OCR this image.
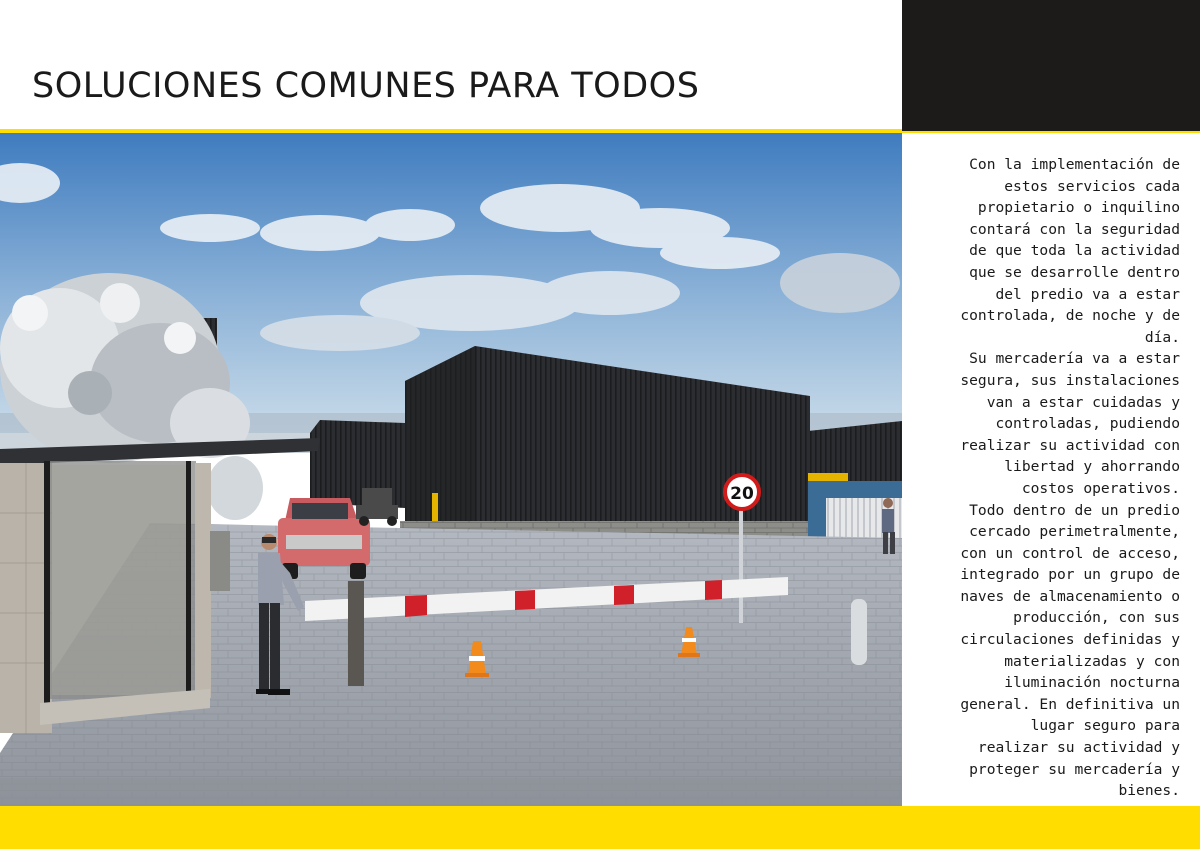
SOLUCIONES COMUNES PARA TODOS
20

Con la implementación de estos servicios cada propietario o inquilino contará con la seguridad de que toda la actividad que se desarrolle dentro del predio va a estar controlada, de noche y de día.

Su mercadería va a estar segura, sus instalaciones van a estar cuidadas y controladas, pudiendo realizar su actividad con libertad y ahorrando costos operativos.

Todo dentro de un predio cercado perimetralmente, con un control de acceso, integrado por un grupo de naves de almacenamiento o producción, con sus circulaciones definidas y materializadas y con iluminación nocturna general. En definitiva un lugar seguro para realizar su actividad y proteger su mercadería y bienes.
